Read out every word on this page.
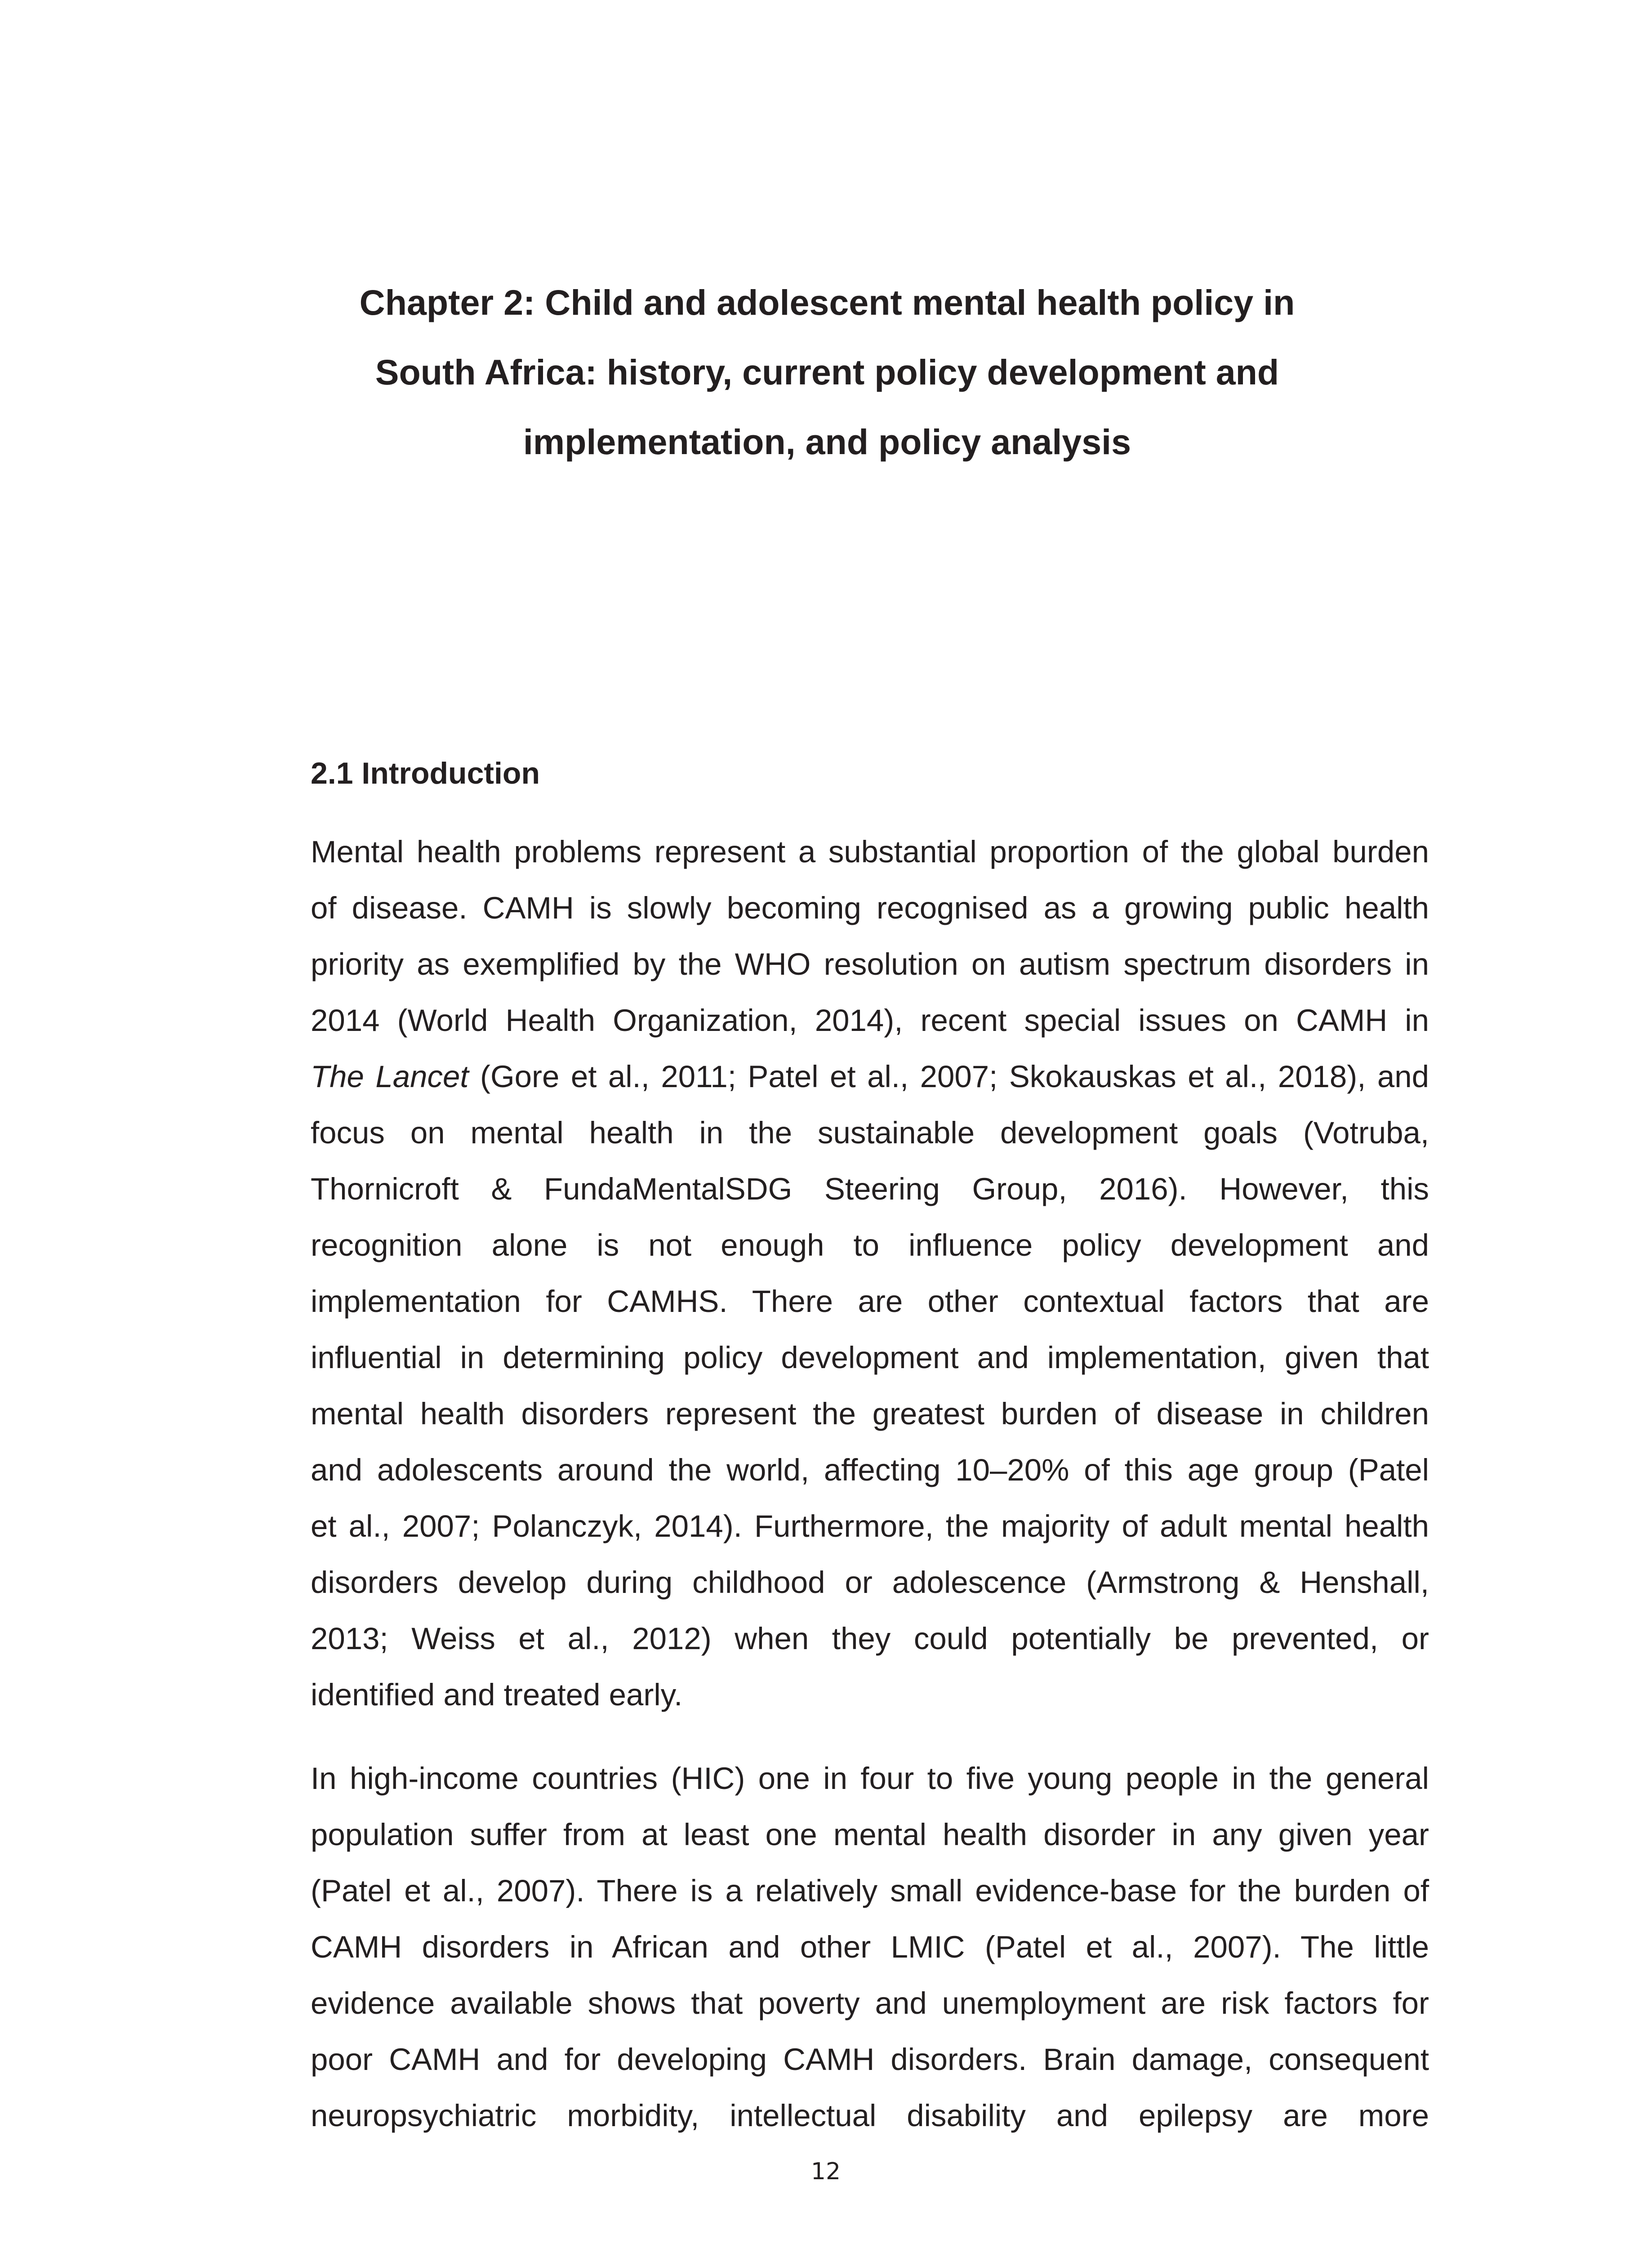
Chapter 2: Child and adolescent mental health policy in
South Africa: history, current policy development and
implementation, and policy analysis
2.1 Introduction

Mental health problems represent a substantial proportion of the global burden
of disease. CAMH is slowly becoming recognised as a growing public health
priority as exemplified by the WHO resolution on autism spectrum disorders in
2014 (World Health Organization, 2014), recent special issues on CAMH in
The Lancet (Gore et al., 2011; Patel et al., 2007; Skokauskas et al., 2018), and
focus on mental health in the sustainable development goals (Votruba,
Thornicroft & FundaMentalSDG Steering Group, 2016). However, this
recognition alone is not enough to influence policy development and
implementation for CAMHS. There are other contextual factors that are
influential in determining policy development and implementation, given that
mental health disorders represent the greatest burden of disease in children
and adolescents around the world, affecting 10–20% of this age group (Patel
et al., 2007; Polanczyk, 2014). Furthermore, the majority of adult mental health
disorders develop during childhood or adolescence (Armstrong & Henshall,
2013; Weiss et al., 2012) when they could potentially be prevented, or
identified and treated early.

In high-income countries (HIC) one in four to five young people in the general
population suffer from at least one mental health disorder in any given year
(Patel et al., 2007). There is a relatively small evidence-base for the burden of
CAMH disorders in African and other LMIC (Patel et al., 2007). The little
evidence available shows that poverty and unemployment are risk factors for
poor CAMH and for developing CAMH disorders. Brain damage, consequent
neuropsychiatric morbidity, intellectual disability and epilepsy are more

12
